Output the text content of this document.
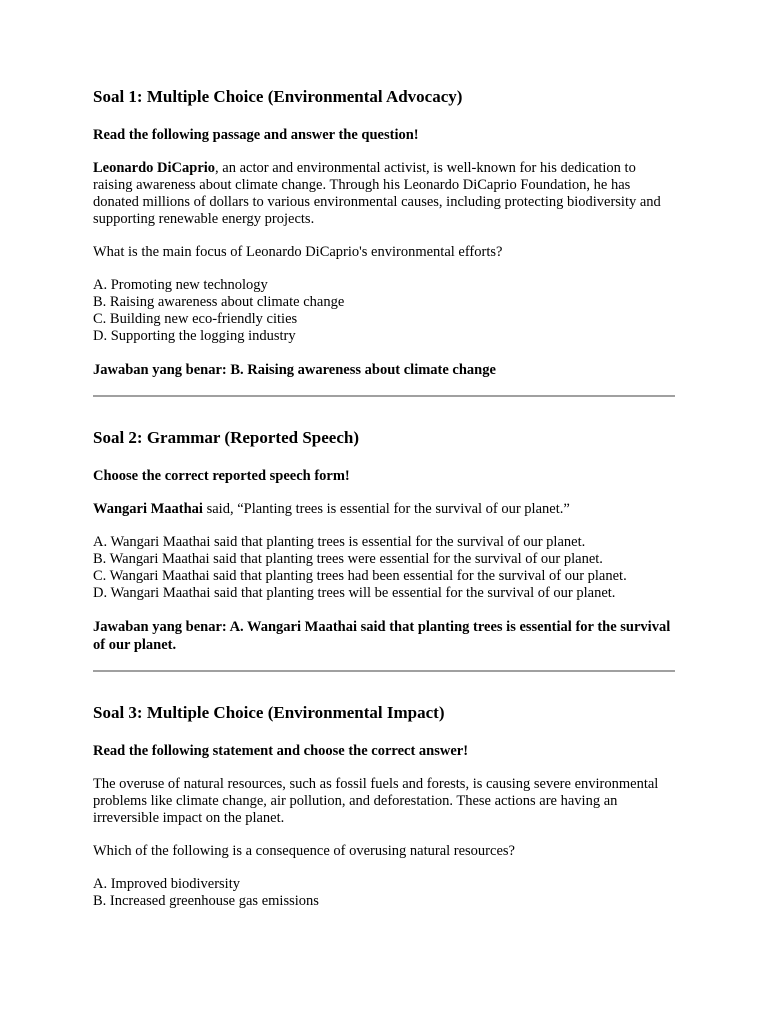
Soal 1: Multiple Choice (Environmental Advocacy)
Read the following passage and answer the question!

Leonardo DiCaprio, an actor and environmental activist, is well-known for his dedication to raising awareness about climate change. Through his Leonardo DiCaprio Foundation, he has donated millions of dollars to various environmental causes, including protecting biodiversity and supporting renewable energy projects.

What is the main focus of Leonardo DiCaprio's environmental efforts?

A. Promoting new technology
B. Raising awareness about climate change
C. Building new eco-friendly cities
D. Supporting the logging industry
Jawaban yang benar: B. Raising awareness about climate change
Soal 2: Grammar (Reported Speech)
Choose the correct reported speech form!

Wangari Maathai said, “Planting trees is essential for the survival of our planet.”

A. Wangari Maathai said that planting trees is essential for the survival of our planet.
B. Wangari Maathai said that planting trees were essential for the survival of our planet.
C. Wangari Maathai said that planting trees had been essential for the survival of our planet.
D. Wangari Maathai said that planting trees will be essential for the survival of our planet.
Jawaban yang benar: A. Wangari Maathai said that planting trees is essential for the survival of our planet.
Soal 3: Multiple Choice (Environmental Impact)
Read the following statement and choose the correct answer!

The overuse of natural resources, such as fossil fuels and forests, is causing severe environmental problems like climate change, air pollution, and deforestation. These actions are having an irreversible impact on the planet.

Which of the following is a consequence of overusing natural resources?

A. Improved biodiversity
B. Increased greenhouse gas emissions
